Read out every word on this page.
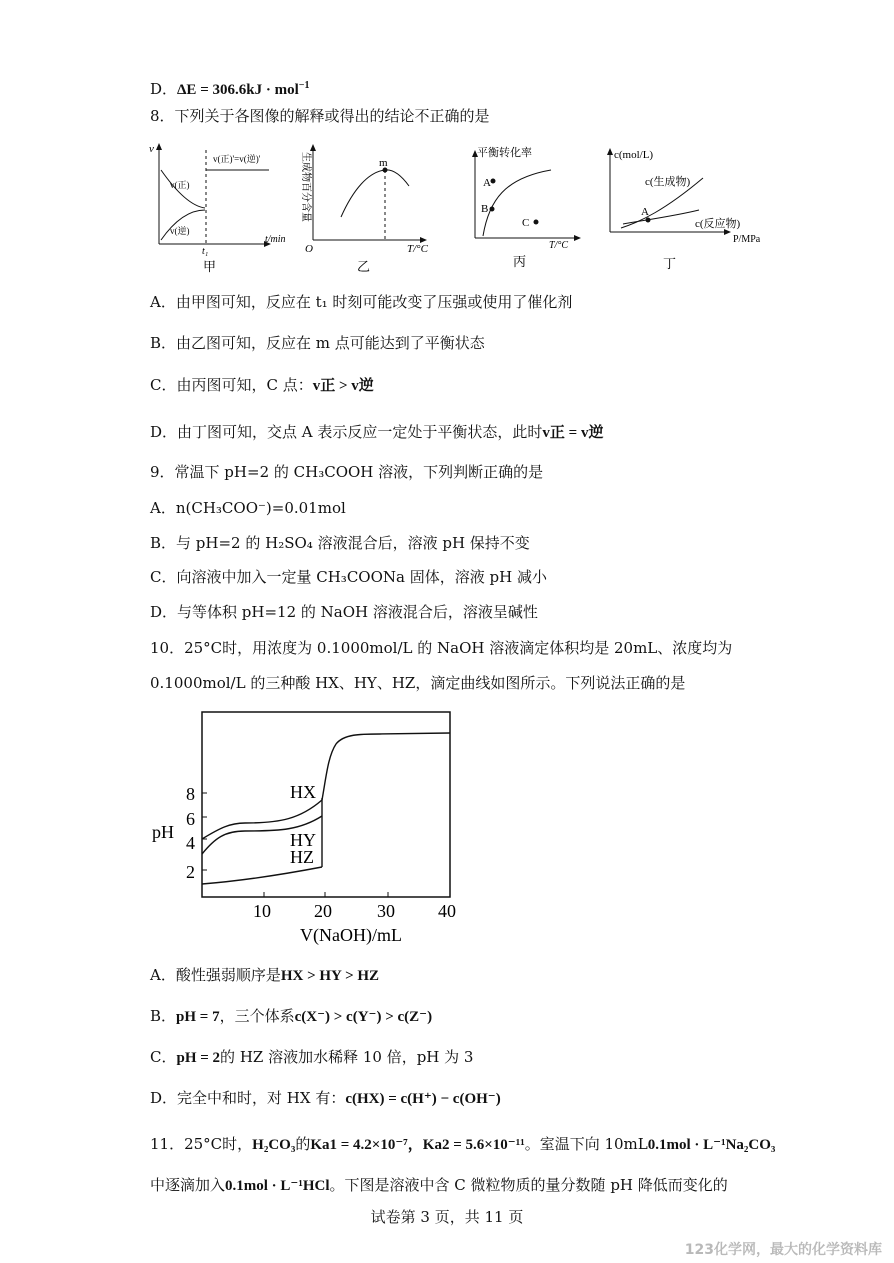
D．ΔE = 306.6kJ · mol$^{-1}$
8．下列关于各图像的解释或得出的结论不正确的是
v
t/min
v(正)
v(逆)
v(正)'=v(逆)'
t₁
甲
O	T/°C
生成物百分含量	m
乙
平衡转化率
T/°C
A
B
C
丙
c(mol/L)
P/MPa
A
c(生成物)
c(反应物)
丁
A．由甲图可知，反应在 t₁ 时刻可能改变了压强或使用了催化剂
B．由乙图可知，反应在 m 点可能达到了平衡状态
C．由丙图可知，C 点：v正 > v逆
D．由丁图可知，交点 A 表示反应一定处于平衡状态，此时v正 = v逆
9．常温下 pH=2 的 CH₃COOH 溶液，下列判断正确的是
A．n(CH₃COO⁻)=0.01mol
B．与 pH=2 的 H₂SO₄ 溶液混合后，溶液 pH 保持不变
C．向溶液中加入一定量 CH₃COONa 固体，溶液 pH 减小
D．与等体积 pH=12 的 NaOH 溶液混合后，溶液呈碱性
10．25°C时，用浓度为 0.1000mol/L 的 NaOH 溶液滴定体积均是 20mL、浓度均为
0.1000mol/L 的三种酸 HX、HY、HZ，滴定曲线如图所示。下列说法正确的是
2
4
6
8
pH
10 20	30 40
V(NaOH)/mL
HX
HY
HZ
A．酸性强弱顺序是HX > HY > HZ
B．pH = 7，三个体系c(X⁻) > c(Y⁻) > c(Z⁻)
C．pH = 2的 HZ 溶液加水稀释 10 倍，pH 为 3
D．完全中和时，对 HX 有：c(HX) = c(H⁺) − c(OH⁻)
11．25°C时，H₂CO₃的Ka1 = 4.2×10⁻⁷，Ka2 = 5.6×10⁻¹¹。室温下向 10mL0.1mol · L⁻¹Na₂CO₃
中逐滴加入0.1mol · L⁻¹HCl。下图是溶液中含 C 微粒物质的量分数随 pH 降低而变化的
试卷第 3 页，共 11 页
123化学网，最大的化学资料库
